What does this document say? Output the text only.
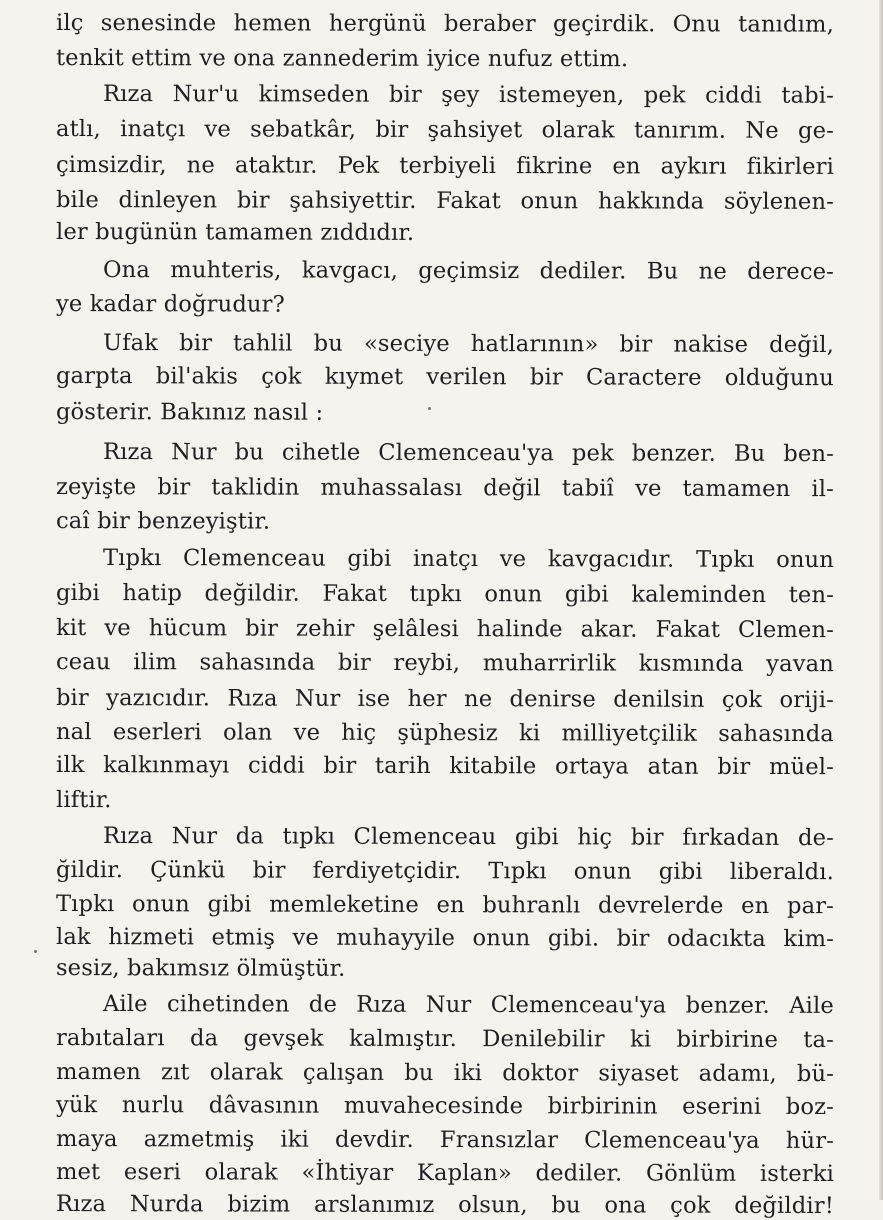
ilç senesinde hemen hergünü beraber geçirdik. Onu tanıdım,
tenkit ettim ve ona zannederim iyice nufuz ettim.
Rıza Nur'u kimseden bir şey istemeyen, pek ciddi tabi-
atlı, inatçı ve sebatkâr, bir şahsiyet olarak tanırım. Ne ge-
çimsizdir, ne ataktır. Pek terbiyeli fikrine en aykırı fikirleri
bile dinleyen bir şahsiyettir. Fakat onun hakkında söylenen-
ler bugünün tamamen zıddıdır.
Ona muhteris, kavgacı, geçimsiz dediler. Bu ne derece-
ye kadar doğrudur?
Ufak bir tahlil bu «seciye hatlarının» bir nakise değil,
garpta bil'akis çok kıymet verilen bir Caractere olduğunu
gösterir. Bakınız nasıl :
Rıza Nur bu cihetle Clemenceau'ya pek benzer. Bu ben-
zeyişte bir taklidin muhassalası değil tabiî ve tamamen il-
caî bir benzeyiştir.
Tıpkı Clemenceau gibi inatçı ve kavgacıdır. Tıpkı onun
gibi hatip değildir. Fakat tıpkı onun gibi kaleminden ten-
kit ve hücum bir zehir şelâlesi halinde akar. Fakat Clemen-
ceau ilim sahasında bir reybi, muharrirlik kısmında yavan
bir yazıcıdır. Rıza Nur ise her ne denirse denilsin çok oriji-
nal eserleri olan ve hiç şüphesiz ki milliyetçilik sahasında
ilk kalkınmayı ciddi bir tarih kitabile ortaya atan bir müel-
liftir.
Rıza Nur da tıpkı Clemenceau gibi hiç bir fırkadan de-
ğildir. Çünkü bir ferdiyetçidir. Tıpkı onun gibi liberaldı.
Tıpkı onun gibi memleketine en buhranlı devrelerde en par-
lak hizmeti etmiş ve muhayyile onun gibi. bir odacıkta kim-
sesiz, bakımsız ölmüştür.
Aile cihetinden de Rıza Nur Clemenceau'ya benzer. Aile
rabıtaları da gevşek kalmıştır. Denilebilir ki birbirine ta-
mamen zıt olarak çalışan bu iki doktor siyaset adamı, bü-
yük nurlu dâvasının muvahecesinde birbirinin eserini boz-
maya azmetmiş iki devdir. Fransızlar Clemenceau'ya hür-
met eseri olarak «İhtiyar Kaplan» dediler. Gönlüm isterki
Rıza Nurda bizim arslanımız olsun, bu ona çok değildir!
